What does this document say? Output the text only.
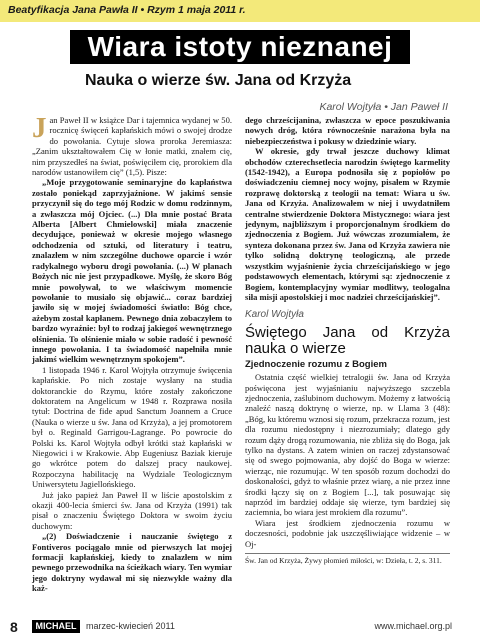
Beatyfikacja Jana Pawła II • Rzym 1 maja 2011 r.
Wiara istoty nieznanej
Nauka o wierze św. Jana od Krzyża
Karol Wojtyła • Jan Paweł II
J an Paweł II w książce Dar i tajemnica wydanej w 50. rocznicę święceń kapłańskich mówi o swojej drodze do powołania. Cytuje słowa proroka Jeremiasza: „Zanim ukształtowałem Cię w łonie matki, znałem cię, nim przyszedłeś na świat, poświęciłem cię, prorokiem dla narodów ustanowiłem cię” (1,5). Pisze:

„Moje przygotowanie seminaryjne do kapłaństwa zostało poniekąd zaprzyjaźnione. W jakimś sensie przyczynił się do tego mój Rodzic w domu rodzinnym, a zwłaszcza mój Ojciec. (...) Dla mnie postać Brata Alberta [Albert Chmielowski] miała znaczenie decydujące, ponieważ w okresie mojego własnego odchodzenia od sztuki, od literatury i teatru, znalazłem w nim szczególne duchowe oparcie i wzór radykalnego wyboru drogi powołania. (...) W planach Bożych nic nie jest przypadkowe. Myślę, że skoro Bóg mnie powoływał, to we właściwym momencie powołanie to musiało się objawić... coraz bardziej jawiło się w mojej świadomości światło: Bóg chce, ażebym został kapłanem. Pewnego dnia zobaczyłem to bardzo wyraźnie: był to rodzaj jakiegoś wewnętrznego olśnienia. To olśnienie miało w sobie radość i pewność innego powołania. I ta świadomość napełniła mnie jakimś wielkim wewnętrznym spokojem”.

1 listopada 1946 r. Karol Wojtyła otrzymuje święcenia kapłańskie. Po nich zostaje wysłany na studia doktoranckie do Rzymu, które zostały zakończone doktoratem na Angelicum w 1948 r. Rozprawa nosiła tytuł: Doctrina de fide apud Sanctum Joannem a Cruce (Nauka o wierze u św. Jana od Krzyża), a jej promotorem był o. Reginald Garrigou-Lagrange. Po powrocie do Polski ks. Karol Wojtyła odbył krótki staż kapłański w Niegowici i w Krakowie. Abp Eugeniusz Baziak kieruje go wkrótce potem do dalszej pracy naukowej. Rozpoczyna habilitację na Wydziale Teologicznym Uniwersytetu Jagiellońskiego.

Już jako papież Jan Paweł II w liście apostolskim z okazji 400-lecia śmierci św. Jana od Krzyża (1991) tak pisał o znaczeniu Świętego Doktora w swoim życiu duchowym:

„(2) Doświadczenie i nauczanie świętego z Fontiveros pociągało mnie od pierwszych lat mojej formacji kapłańskiej, kiedy to znalazłem w nim pewnego przewodnika na ścieżkach wiary. Ten wymiar jego doktryny wydawał mi się niezwykle ważny dla każ-

dego chrześcijanina, zwłaszcza w epoce poszukiwania nowych dróg, która równocześnie narażona była na niebezpieczeństwa i pokusy w dziedzinie wiary.

W okresie, gdy trwał jeszcze duchowy klimat obchodów czterechsetlecia narodzin świętego karmelity (1542-1942), a Europa podnosiła się z popiołów po doświadczeniu ciemnej nocy wojny, pisałem w Rzymie rozprawę doktorską z teologii na temat: Wiara u św. Jana od Krzyża. Analizowałem w niej i uwydatniłem centralne stwierdzenie Doktora Mistycznego: wiara jest jedynym, najbliższym i proporcjonalnym środkiem do zjednoczenia z Bogiem. Już wówczas zrozumiałem, że synteza dokonana przez św. Jana od Krzyża zawiera nie tylko solidną doktrynę teologiczną, ale przede wszystkim wyjaśnienie życia chrześcijańskiego w jego podstawowych elementach, którymi są: zjednoczenie z Bogiem, kontemplacyjny wymiar modlitwy, teologalna siła misji apostolskiej i moc nadziei chrześcijańskiej”.

Karol Wojtyła
Świętego Jana od Krzyża nauka o wierze
Zjednoczenie rozumu z Bogiem

Ostatnia część wielkiej tetralogii św. Jana od Krzyża poświęcona jest wyjaśnianiu najwyższego szczebla zjednoczenia, zaślubinom duchowym. Możemy z łatwością znaleźć naszą doktrynę o wierze, np. w Llama 3 (48): „Bóg, ku któremu wznosi się rozum, przekracza rozum, jest dla rozumu niedostępny i niezrozumiały; dlatego gdy rozum dąży drogą rozumowania, nie zbliża się do Boga, jak tylko na dystans. A zatem winien on raczej zdystansować się od swego pojmowania, aby dojść do Boga w wierze: wierząc, nie rozumując. W ten sposób rozum dochodzi do doskonałości, gdyż to właśnie przez wiarę, a nie przez inne środki łączy się on z Bogiem [...], tak posuwając się naprzód im bardziej oddaje się wierze, tym bardziej się zaciemnia, bo wiara jest mrokiem dla rozumu”.

Wiara jest środkiem zjednoczenia rozumu w doczesności, podobnie jak uszczęśliwiające widzenie – w Oj-

Św. Jan od Krzyża, Żywy płomień miłości, w: Dzieła, t. 2, s. 311.
8	MICHAEL	marzec-kwiecień 2011	www.michael.org.pl
